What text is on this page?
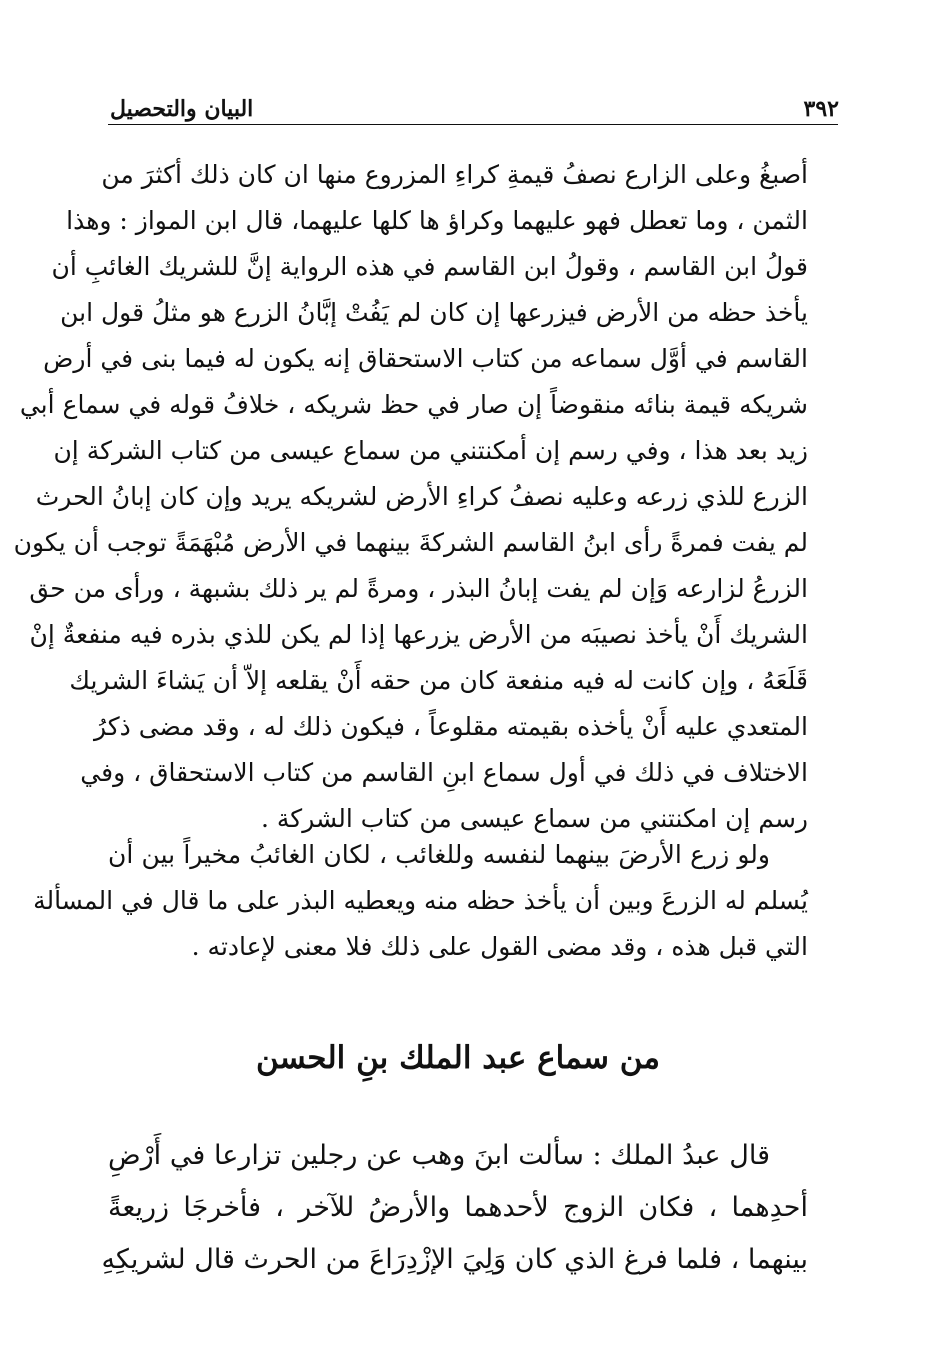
٣٩٢
البيان والتحصيل
أصبغُ وعلى الزارع نصفُ قيمةِ كراءِ المزروع منها ان كان ذلك أكثرَ من
الثمن ، وما تعطل فهو عليهما وكراؤ ها كلها عليهما، قال ابن المواز : وهذا
قولُ ابن القاسم ، وقولُ ابن القاسم في هذه الرواية إنَّ للشريك الغائبِ أن
يأخذ حظه من الأرض فيزرعها إن كان لم يَفُتْ إبَّانُ الزرع هو مثلُ قول ابن
القاسم في أوَّل سماعه من كتاب الاستحقاق إنه يكون له فيما بنى في أرض
شريكه قيمة بنائه منقوضاً إن صار في حظ شريكه ، خلافُ قوله في سماع أبي
زيد بعد هذا ، وفي رسم إن أمكنتني من سماع عيسى من كتاب الشركة إن
الزرع للذي زرعه وعليه نصفُ كراءِ الأرض لشريكه يريد وإن كان إبانُ الحرث
لم يفت فمرةً رأى ابنُ القاسم الشركةَ بينهما في الأرض مُبْهَمَةً توجب أن يكون
الزرعُ لزارعه وَإن لم يفت إبانُ البذر ، ومرةً لم ير ذلك بشبهة ، ورأى من حق
الشريك أَنْ يأخذ نصيبَه من الأرض يزرعها إذا لم يكن للذي بذره فيه منفعةٌ إنْ
قَلَعَهُ ، وإن كانت له فيه منفعة كان من حقه أَنْ يقلعه إلاّ أن يَشاءَ الشريك
المتعدي عليه أَنْ يأخذه بقيمته مقلوعاً ، فيكون ذلك له ، وقد مضى ذكرُ
الاختلاف في ذلك في أول سماع ابنِ القاسم من كتاب الاستحقاق ، وفي
رسم إن امكنتني من سماع عيسى من كتاب الشركة .
ولو زرع الأرضَ بينهما لنفسه وللغائب ، لكان الغائبُ مخيراً بين أن
يُسلم له الزرعَ وبين أن يأخذ حظه منه ويعطيه البذر على ما قال في المسألة
التي قبل هذه ، وقد مضى القول على ذلك فلا معنى لإعادته .
من سماع عبد الملك بنِ الحسن
قال عبدُ الملك : سألت ابنَ وهب عن رجلين تزارعا في أَرْضِ
أحدِهما ، فكان الزوج لأحدهما والأرضُ للآخر ، فأخرجَا زريعةً
بينهما ، فلما فرغ الذي كان وَلِيَ الإزْدِرَاعَ من الحرث قال لشريكِهِ
